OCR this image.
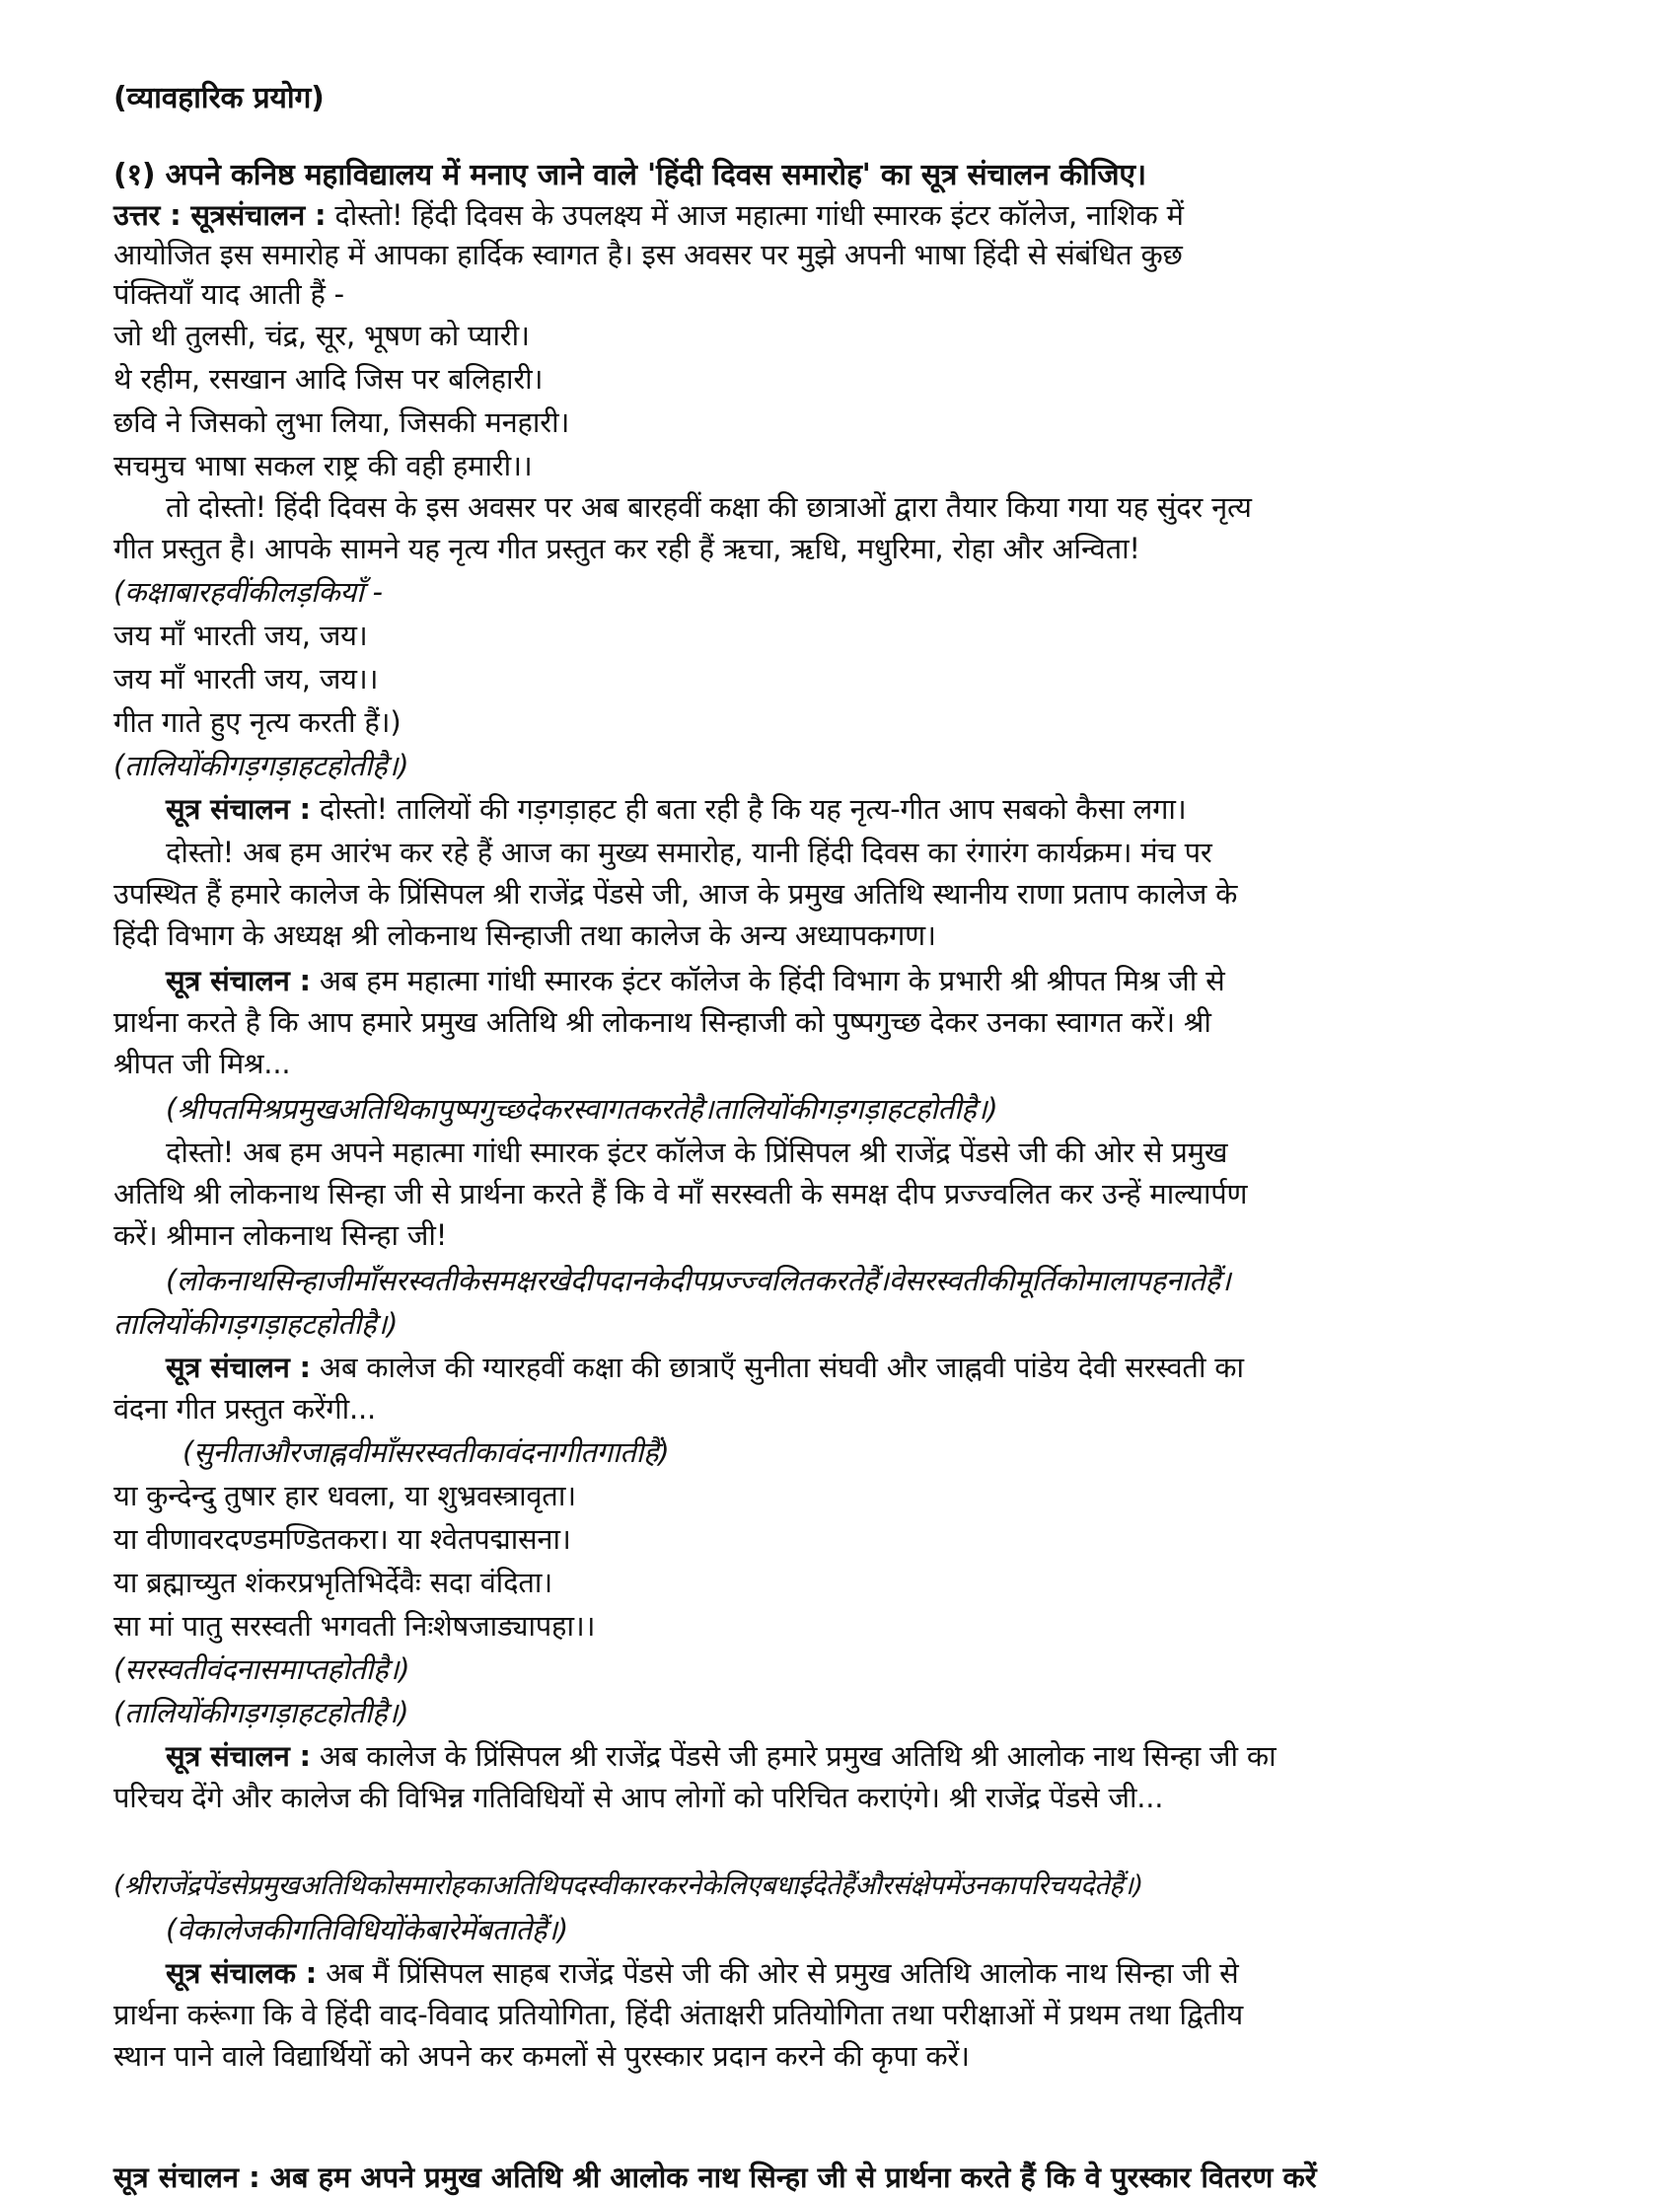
(व्यावहारिक प्रयोग)
(१) अपने कनिष्ठ महाविद्यालय में मनाए जाने वाले 'हिंदी दिवस समारोह' का सूत्र संचालन कीजिए।
उत्तर : सूत्रसंचालन : दोस्तो! हिंदी दिवस के उपलक्ष्य में आज महात्मा गांधी स्मारक इंटर कॉलेज, नाशिक में
आयोजित इस समारोह में आपका हार्दिक स्वागत है। इस अवसर पर मुझे अपनी भाषा हिंदी से संबंधित कुछ
पंक्तियाँ याद आती हैं -
जो थी तुलसी, चंद्र, सूर, भूषण को प्यारी।
थे रहीम, रसखान आदि जिस पर बलिहारी।
छवि ने जिसको लुभा लिया, जिसकी मनहारी।
सचमुच भाषा सकल राष्ट्र की वही हमारी।।
तो दोस्तो! हिंदी दिवस के इस अवसर पर अब बारहवीं कक्षा की छात्राओं द्वारा तैयार किया गया यह सुंदर नृत्य
गीत प्रस्तुत है। आपके सामने यह नृत्य गीत प्रस्तुत कर रही हैं ऋचा, ऋधि, मधुरिमा, रोहा और अन्विता!
(कक्षाबारहवींकीलड़कियाँ -
जय माँ भारती जय, जय।
जय माँ भारती जय, जय।।
गीत गाते हुए नृत्य करती हैं।)
(तालियोंकीगड़गड़ाहटहोतीहै।)
सूत्र संचालन : दोस्तो! तालियों की गड़गड़ाहट ही बता रही है कि यह नृत्य-गीत आप सबको कैसा लगा।
दोस्तो! अब हम आरंभ कर रहे हैं आज का मुख्य समारोह, यानी हिंदी दिवस का रंगारंग कार्यक्रम। मंच पर
उपस्थित हैं हमारे कालेज के प्रिंसिपल श्री राजेंद्र पेंडसे जी, आज के प्रमुख अतिथि स्थानीय राणा प्रताप कालेज के
हिंदी विभाग के अध्यक्ष श्री लोकनाथ सिन्हाजी तथा कालेज के अन्य अध्यापकगण।
सूत्र संचालन : अब हम महात्मा गांधी स्मारक इंटर कॉलेज के हिंदी विभाग के प्रभारी श्री श्रीपत मिश्र जी से
प्रार्थना करते है कि आप हमारे प्रमुख अतिथि श्री लोकनाथ सिन्हाजी को पुष्पगुच्छ देकर उनका स्वागत करें। श्री
श्रीपत जी मिश्र...
(श्रीपतमिश्रप्रमुखअतिथिकापुष्पगुच्छदेकरस्वागतकरतेहै।तालियोंकीगड़गड़ाहटहोतीहै।)
दोस्तो! अब हम अपने महात्मा गांधी स्मारक इंटर कॉलेज के प्रिंसिपल श्री राजेंद्र पेंडसे जी की ओर से प्रमुख
अतिथि श्री लोकनाथ सिन्हा जी से प्रार्थना करते हैं कि वे माँ सरस्वती के समक्ष दीप प्रज्ज्वलित कर उन्हें माल्यार्पण
करें। श्रीमान लोकनाथ सिन्हा जी!
(लोकनाथसिन्हाजीमाँसरस्वतीकेसमक्षरखेदीपदानकेदीपप्रज्ज्वलितकरतेहैं।वेसरस्वतीकीमूर्तिकोमालापहनातेहैं।
तालियोंकीगड़गड़ाहटहोतीहै।)
सूत्र संचालन : अब कालेज की ग्यारहवीं कक्षा की छात्राएँ सुनीता संघवी और जाह्नवी पांडेय देवी सरस्वती का
वंदना गीत प्रस्तुत करेंगी...
(सुनीताऔरजाह्नवीमाँसरस्वतीकावंदनागीतगातीहैं)
या कुन्देन्दु तुषार हार धवला, या शुभ्रवस्त्रावृता।
या वीणावरदण्डमण्डितकरा। या श्वेतपद्मासना।
या ब्रह्माच्युत शंकरप्रभृतिभिर्देवैः सदा वंदिता।
सा मां पातु सरस्वती भगवती निःशेषजाड्यापहा।।
(सरस्वतीवंदनासमाप्तहोतीहै।)
(तालियोंकीगड़गड़ाहटहोतीहै।)
सूत्र संचालन : अब कालेज के प्रिंसिपल श्री राजेंद्र पेंडसे जी हमारे प्रमुख अतिथि श्री आलोक नाथ सिन्हा जी का
परिचय देंगे और कालेज की विभिन्न गतिविधियों से आप लोगों को परिचित कराएंगे। श्री राजेंद्र पेंडसे जी...
(श्रीराजेंद्रपेंडसेप्रमुखअतिथिकोसमारोहकाअतिथिपदस्वीकारकरनेकेलिएबधाईदेतेहैंऔरसंक्षेपमेंउनकापरिचयदेतेहैं।)
(वेकालेजकीगतिविधियोंकेबारेमेंबतातेहैं।)
सूत्र संचालक : अब मैं प्रिंसिपल साहब राजेंद्र पेंडसे जी की ओर से प्रमुख अतिथि आलोक नाथ सिन्हा जी से
प्रार्थना करूंगा कि वे हिंदी वाद-विवाद प्रतियोगिता, हिंदी अंताक्षरी प्रतियोगिता तथा परीक्षाओं में प्रथम तथा द्वितीय
स्थान पाने वाले विद्यार्थियों को अपने कर कमलों से पुरस्कार प्रदान करने की कृपा करें।
सूत्र संचालन : अब हम अपने प्रमुख अतिथि श्री आलोक नाथ सिन्हा जी से प्रार्थना करते हैं कि वे पुरस्कार वितरण करें
